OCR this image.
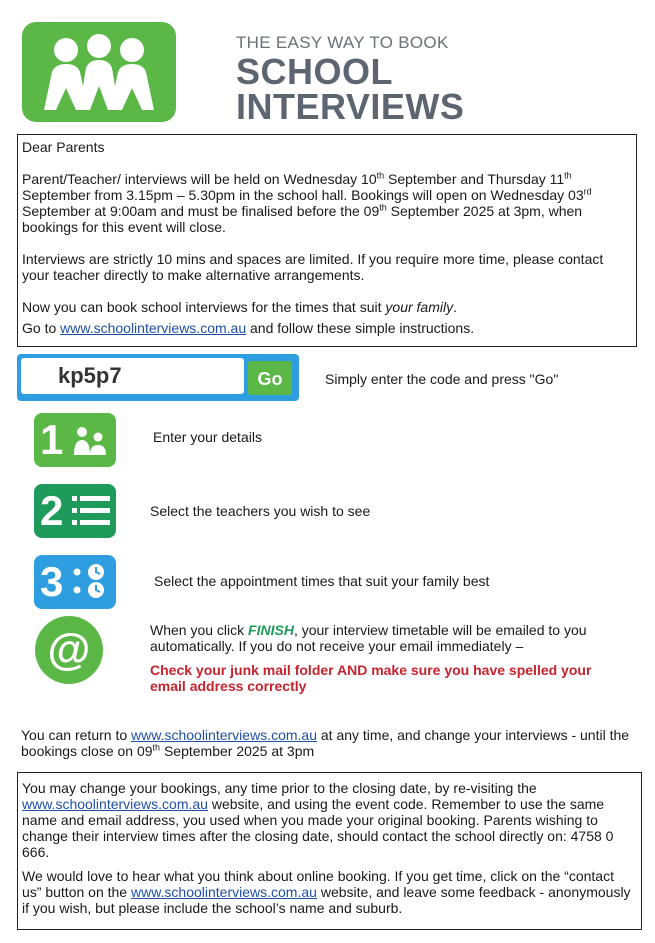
THE EASY WAY TO BOOK
SCHOOL
INTERVIEWS

Dear Parents

Parent/Teacher/ interviews will be held on Wednesday 10th September and Thursday 11th September from 3.15pm – 5.30pm in the school hall. Bookings will open on Wednesday 03rd September at 9:00am and must be finalised before the 09th September 2025 at 3pm, when bookings for this event will close.

Interviews are strictly 10 mins and spaces are limited. If you require more time, please contact your teacher directly to make alternative arrangements.

Now you can book school interviews for the times that suit your family.

Go to www.schoolinterviews.com.au and follow these simple instructions.

kp5p7
Go	Simply enter the code and press "Go"
1	Enter your details
2	Select the teachers you wish to see
3	Select the appointment times that suit your family best
@	When you click FINISH, your interview timetable will be emailed to you automatically. If you do not receive your email immediately –
Check your junk mail folder AND make sure you have spelled your email address correctly
You can return to www.schoolinterviews.com.au at any time, and change your interviews - until the bookings close on 09th September 2025 at 3pm

You may change your bookings, any time prior to the closing date, by re-visiting the www.schoolinterviews.com.au website, and using the event code. Remember to use the same name and email address, you used when you made your original booking. Parents wishing to change their interview times after the closing date, should contact the school directly on: 4758 0 666.

We would love to hear what you think about online booking. If you get time, click on the “contact us” button on the www.schoolinterviews.com.au website, and leave some feedback - anonymously if you wish, but please include the school’s name and suburb.
